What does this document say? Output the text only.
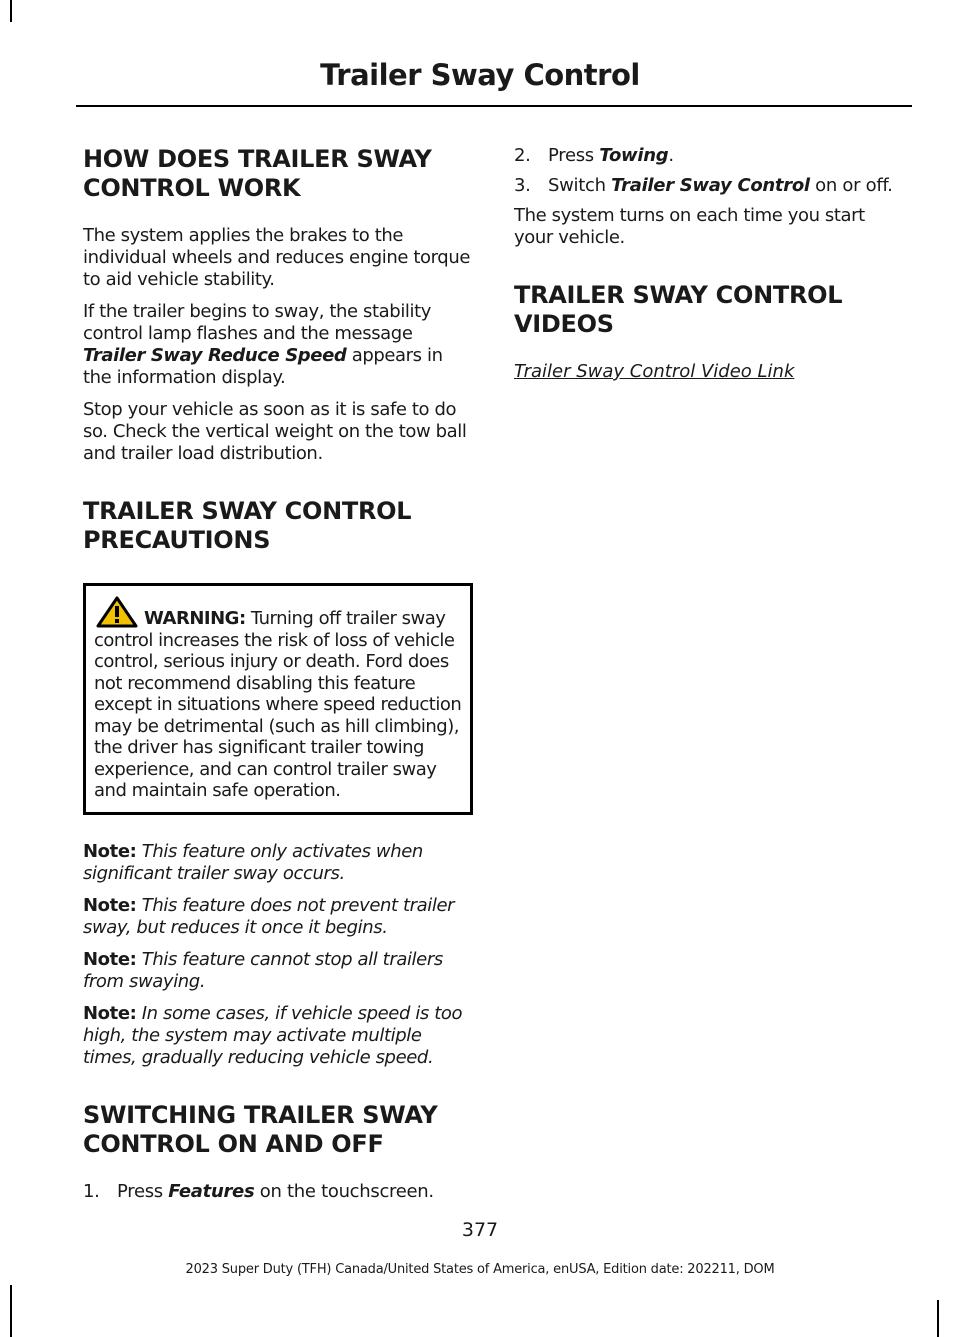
Trailer Sway Control
HOW DOES TRAILER SWAY
CONTROL WORK

The system applies the brakes to the individual wheels and reduces engine torque to aid vehicle stability.

If the trailer begins to sway, the stability control lamp flashes and the message Trailer Sway Reduce Speed appears in the information display.

Stop your vehicle as soon as it is safe to do so. Check the vertical weight on the tow ball and trailer load distribution.

TRAILER SWAY CONTROL
PRECAUTIONS
WARNING: Turning off trailer sway control increases the risk of loss of vehicle control, serious injury or death. Ford does not recommend disabling this feature except in situations where speed reduction may be detrimental (such as hill climbing), the driver has significant trailer towing experience, and can control trailer sway and maintain safe operation.

Note: This feature only activates when significant trailer sway occurs.

Note: This feature does not prevent trailer sway, but reduces it once it begins.

Note: This feature cannot stop all trailers from swaying.

Note: In some cases, if vehicle speed is too high, the system may activate multiple times, gradually reducing vehicle speed.

SWITCHING TRAILER SWAY
CONTROL ON AND OFF
1. Press Features on the touchscreen.
2. Press Towing.
3. Switch Trailer Sway Control on or off.

The system turns on each time you start your vehicle.

TRAILER SWAY CONTROL
VIDEOS
Trailer Sway Control Video Link
377
2023 Super Duty (TFH) Canada/United States of America, enUSA, Edition date: 202211, DOM
